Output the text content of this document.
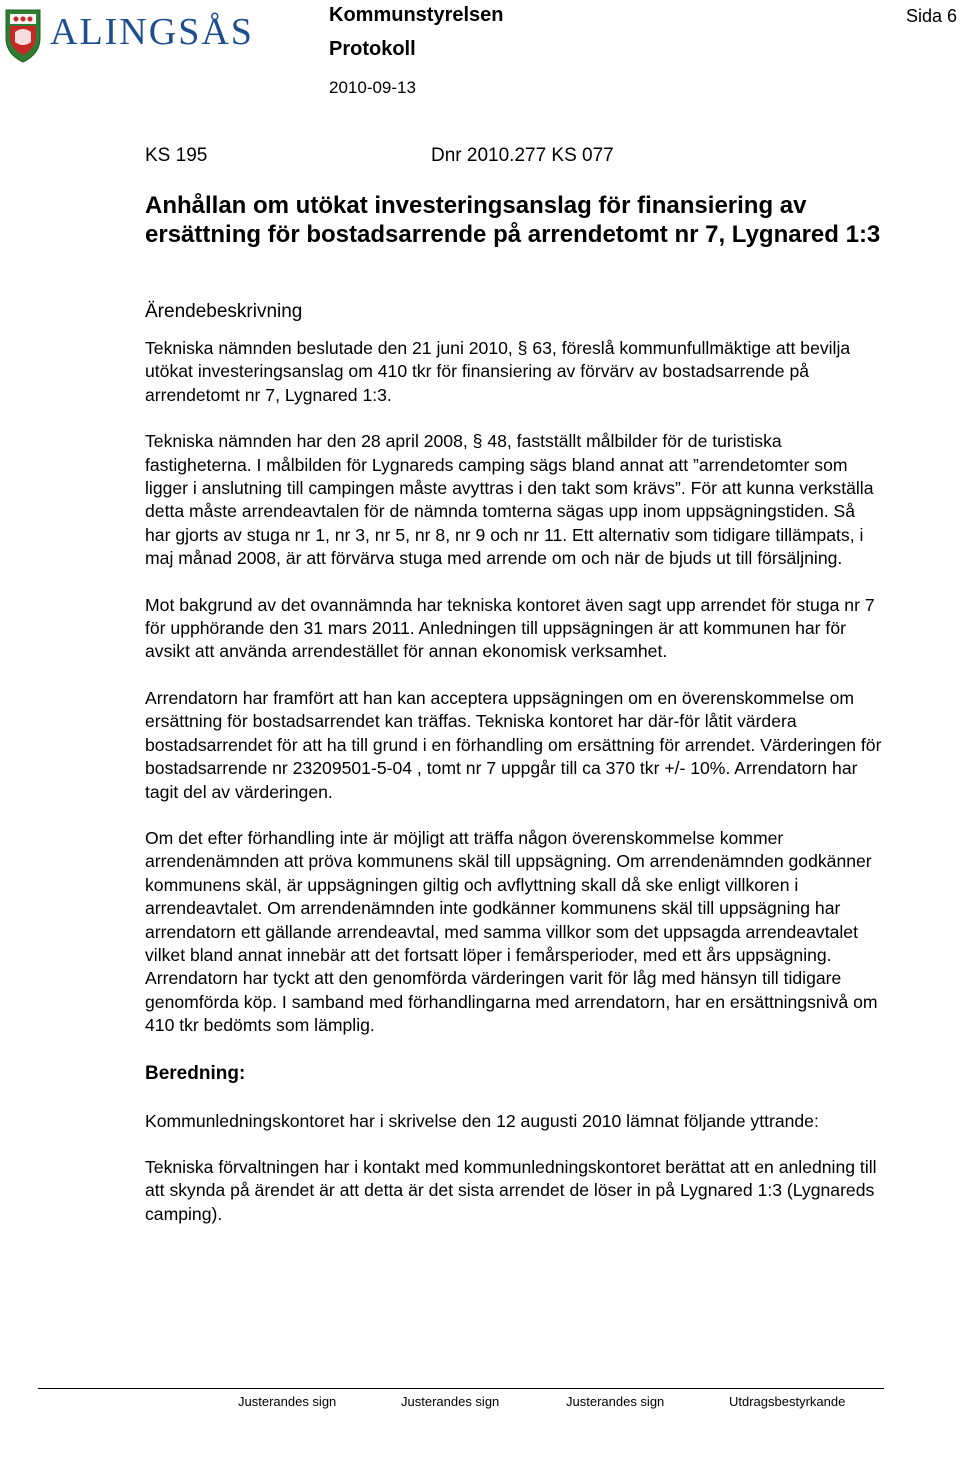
ALINGSÅS	Kommunstyrelsen
Protokoll
2010-09-13
Sida 6
KS 195	Dnr 2010.277 KS 077
Anhållan om utökat investeringsanslag för finansiering av ersättning för bostadsarrende på arrendetomt nr 7, Lygnared 1:3
Ärendebeskrivning

Tekniska nämnden beslutade den 21 juni 2010, § 63, föreslå kommunfullmäktige att bevilja utökat investeringsanslag om 410 tkr för finansiering av förvärv av bostadsarrende på arrendetomt nr 7, Lygnared 1:3.

Tekniska nämnden har den 28 april 2008, § 48, fastställt målbilder för de turistiska fastigheterna. I målbilden för Lygnareds camping sägs bland annat att ”arrendetomter som ligger i anslutning till campingen måste avyttras i den takt som krävs”. För att kunna verkställa detta måste arrendeavtalen för de nämnda tomterna sägas upp inom uppsägningstiden. Så har gjorts av stuga nr 1, nr 3, nr 5, nr 8, nr 9 och nr 11. Ett alternativ som tidigare tillämpats, i maj månad 2008, är att förvärva stuga med arrende om och när de bjuds ut till försäljning.

Mot bakgrund av det ovannämnda har tekniska kontoret även sagt upp arrendet för stuga nr 7 för upphörande den 31 mars 2011. Anledningen till uppsägningen är att kommunen har för avsikt att använda arrendestället för annan ekonomisk verksamhet.

Arrendatorn har framfört att han kan acceptera uppsägningen om en överenskommelse om ersättning för bostadsarrendet kan träffas. Tekniska kontoret har där-för låtit värdera bostadsarrendet för att ha till grund i en förhandling om ersättning för arrendet. Värderingen för bostadsarrende nr 23209501-5-04 , tomt nr 7 uppgår till ca 370 tkr +/- 10%. Arrendatorn har tagit del av värderingen.

Om det efter förhandling inte är möjligt att träffa någon överenskommelse kommer arrendenämnden att pröva kommunens skäl till uppsägning. Om arrendenämnden godkänner kommunens skäl, är uppsägningen giltig och avflyttning skall då ske enligt villkoren i arrendeavtalet. Om arrendenämnden inte godkänner kommunens skäl till uppsägning har arrendatorn ett gällande arrendeavtal, med samma villkor som det uppsagda arrendeavtalet vilket bland annat innebär att det fortsatt löper i femårsperioder, med ett års uppsägning. Arrendatorn har tyckt att den genomförda värderingen varit för låg med hänsyn till tidigare genomförda köp. I samband med förhandlingarna med arrendatorn, har en ersättningsnivå om 410 tkr bedömts som lämplig.

Beredning:

Kommunledningskontoret har i skrivelse den 12 augusti 2010 lämnat följande yttrande:

Tekniska förvaltningen har i kontakt med kommunledningskontoret berättat att en anledning till att skynda på ärendet är att detta är det sista arrendet de löser in på Lygnared 1:3 (Lygnareds camping).

Justerandes sign	Justerandes sign	Justerandes sign	Utdragsbestyrkande
